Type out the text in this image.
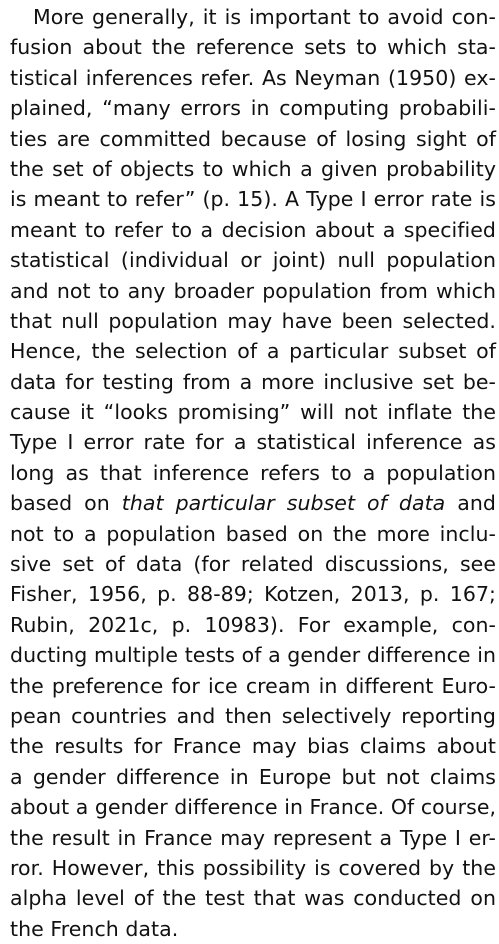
More generally, it is important to avoid con-
fusion about the reference sets to which sta-
tistical inferences refer. As Neyman (1950) ex-
plained, “many errors in computing probabili-
ties are committed because of losing sight of
the set of objects to which a given probability
is meant to refer” (p. 15). A Type I error rate is
meant to refer to a decision about a specified
statistical (individual or joint) null population
and not to any broader population from which
that null population may have been selected.
Hence, the selection of a particular subset of
data for testing from a more inclusive set be-
cause it “looks promising” will not inflate the
Type I error rate for a statistical inference as
long as that inference refers to a population
based on that particular subset of data and
not to a population based on the more inclu-
sive set of data (for related discussions, see
Fisher, 1956, p. 88-89; Kotzen, 2013, p. 167;
Rubin, 2021c, p. 10983). For example, con-
ducting multiple tests of a gender difference in
the preference for ice cream in different Euro-
pean countries and then selectively reporting
the results for France may bias claims about
a gender difference in Europe but not claims
about a gender difference in France. Of course,
the result in France may represent a Type I er-
ror. However, this possibility is covered by the
alpha level of the test that was conducted on
the French data.
